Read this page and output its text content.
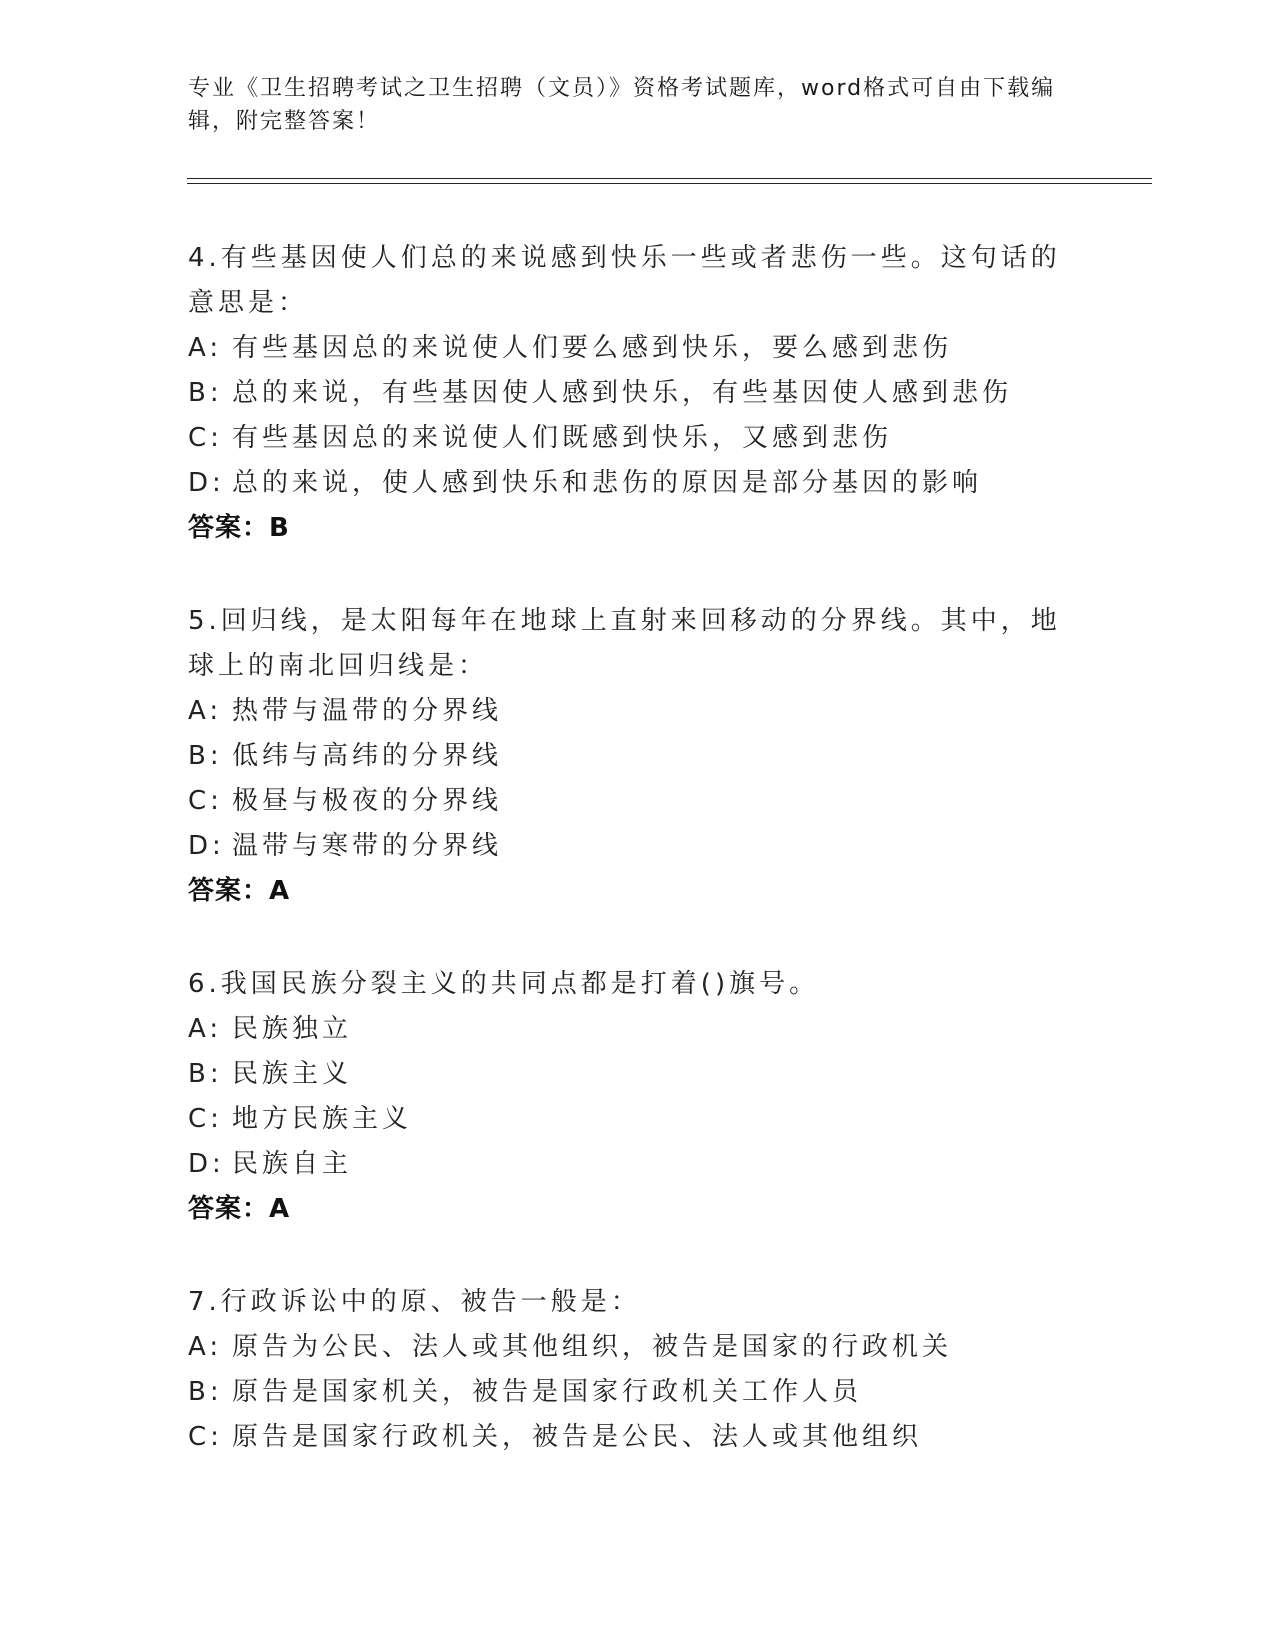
专业《卫生招聘考试之卫生招聘（文员）》资格考试题库，word格式可自由下载编辑，附完整答案！

4.有些基因使人们总的来说感到快乐一些或者悲伤一些。这句话的意思是：

A: 有些基因总的来说使人们要么感到快乐，要么感到悲伤
B: 总的来说，有些基因使人感到快乐，有些基因使人感到悲伤
C: 有些基因总的来说使人们既感到快乐，又感到悲伤
D: 总的来说，使人感到快乐和悲伤的原因是部分基因的影响
答案：B

5.回归线，是太阳每年在地球上直射来回移动的分界线。其中，地球上的南北回归线是：

A: 热带与温带的分界线
B: 低纬与高纬的分界线
C: 极昼与极夜的分界线
D: 温带与寒带的分界线
答案：A

6.我国民族分裂主义的共同点都是打着()旗号。

A: 民族独立
B: 民族主义
C: 地方民族主义
D: 民族自主
答案：A

7.行政诉讼中的原、被告一般是：

A: 原告为公民、法人或其他组织，被告是国家的行政机关
B: 原告是国家机关，被告是国家行政机关工作人员
C: 原告是国家行政机关，被告是公民、法人或其他组织
